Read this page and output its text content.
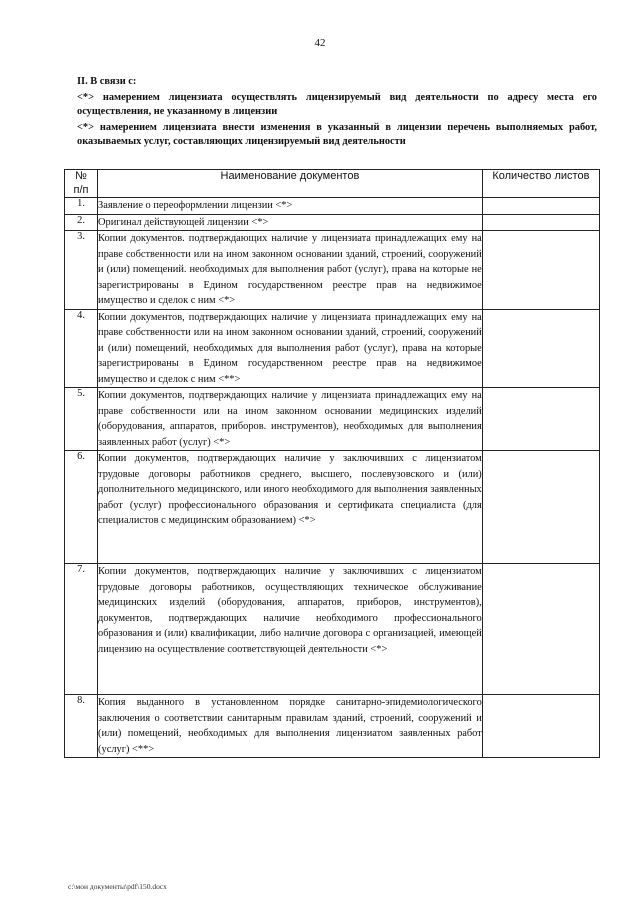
42
II. В связи с:
<*> намерением лицензиата осуществлять лицензируемый вид деятельности по адресу места его осуществления, не указанному в лицензии
<*> намерением лицензиата внести изменения в указанный в лицензии перечень выполняемых работ, оказываемых услуг, составляющих лицензируемый вид деятельности
№
п/п	Наименование документов	Количество листов
1.	Заявление о переоформлении лицензии <*>	
2.	Оригинал действующей лицензии <*>	
3.	Копии документов. подтверждающих наличие у лицензиата принадлежащих ему на праве собственности или на ином законном основании зданий, строений, сооружений и (или) помещений. необходимых для выполнения работ (услуг), права на которые не зарегистрированы в Едином государственном реестре прав на недвижимое имущество и сделок с ним <*>	
4.	Копии документов, подтверждающих наличие у лицензиата принадлежащих ему на праве собственности или на ином законном основании зданий, строений, сооружений и (или) помещений, необходимых для выполнения работ (услуг), права на которые зарегистрированы в Едином государственном реестре прав на недвижимое имущество и сделок с ним <**>	
5.	Копии документов, подтверждающих наличие у лицензиата принадлежащих ему на праве собственности или на ином законном основании медицинских изделий (оборудования, аппаратов, приборов. инструментов), необходимых для выполнения заявленных работ (услуг) <*>	
6.	Копии документов, подтверждающих наличие у заключивших с лицензиатом трудовые договоры работников среднего, высшего, послевузовского и (или) дополнительного медицинского, или иного необходимого для выполнения заявленных работ (услуг) профессионального образования и сертификата специалиста (для специалистов с медицинским образованием) <*>	
7.	Копии документов, подтверждающих наличие у заключивших с лицензиатом трудовые договоры работников, осуществляющих техническое обслуживание медицинских изделий (оборудования, аппаратов, приборов, инструментов), документов, подтверждающих наличие необходимого профессионального образования и (или) квалификации, либо наличие договора с организацией, имеющей лицензию на осуществление соответствующей деятельности <*>	
8.	Копия выданного в установленном порядке санитарно-эпидемиологического заключения о соответствии санитарным правилам зданий, строений, сооружений и (или) помещений, необходимых для выполнения лицензиатом заявленных работ (услуг) <**>	
c:\мои документы\pdf\150.docx
